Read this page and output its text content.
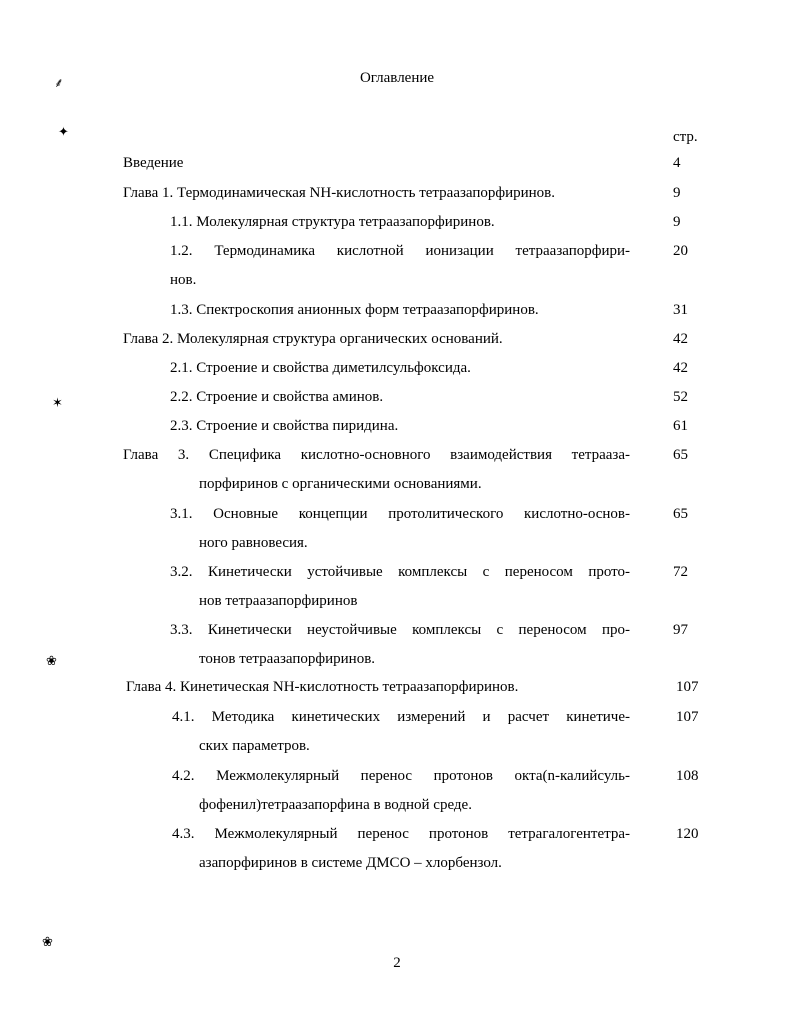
⸙
✦
✶
❀
❀
Оглавление
стр.
Введение	4
Глава 1. Термодинамическая NH-кислотность тетраазапорфиринов.	9
1.1. Молекулярная структура тетраазапорфиринов.	9
1.2. Термодинамика кислотной ионизации тетраазапорфири-	20
нов.
1.3. Спектроскопия анионных форм тетраазапорфиринов.	31
Глава 2. Молекулярная структура органических оснований.	42
2.1. Строение и свойства диметилсульфоксида.	42
2.2. Строение и свойства аминов.	52
2.3. Строение и свойства пиридина.	61
Глава 3. Специфика кислотно-основного взаимодействия тетрааза-	65
порфиринов с органическими основаниями.
3.1. Основные концепции протолитического кислотно-основ-	65
ного равновесия.
3.2. Кинетически устойчивые комплексы с переносом прото-	72
нов тетраазапорфиринов
3.3. Кинетически неустойчивые комплексы с переносом про-	97
тонов тетраазапорфиринов.
Глава 4. Кинетическая NH-кислотность тетраазапорфиринов.	107
4.1. Методика кинетических измерений и расчет кинетиче-	107
ских параметров.
4.2. Межмолекулярный перенос протонов окта(n-калийсуль-	108
фофенил)тетраазапорфина в водной среде.
4.3. Межмолекулярный перенос протонов тетрагалогентетра-	120
азапорфиринов в системе ДМСО – хлорбензол.
2
